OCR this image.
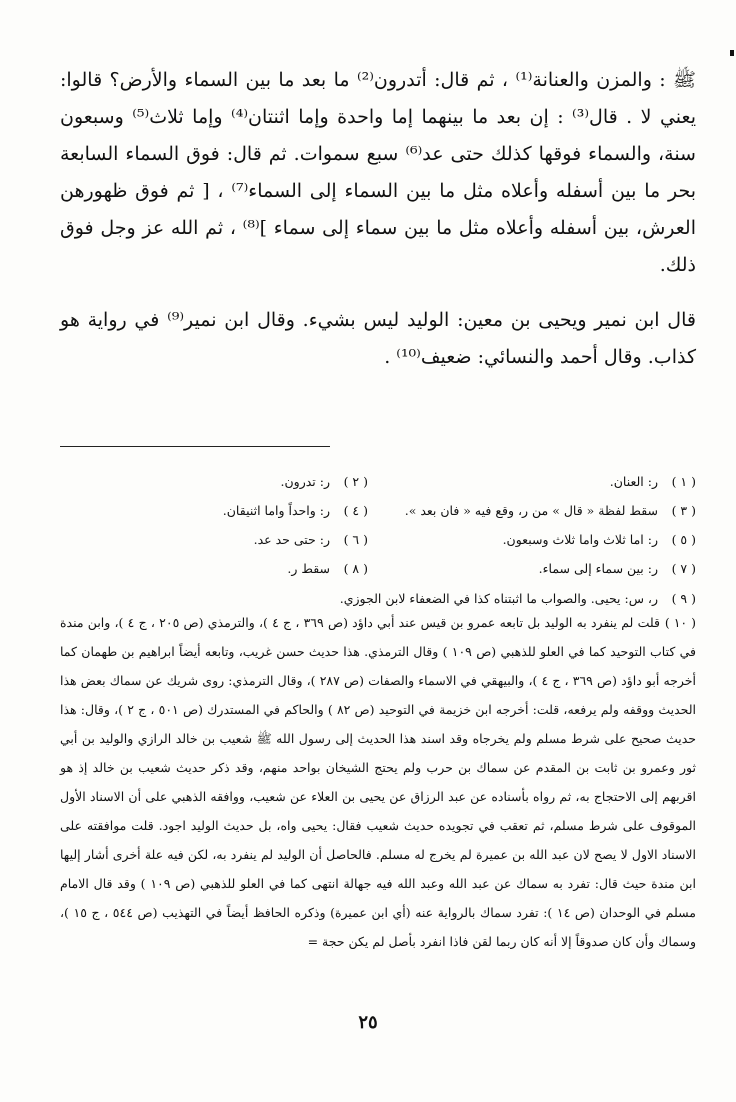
ﷺ : والمزن والعنانة⁽¹⁾ ، ثم قال: أتدرون⁽²⁾ ما بعد ما بين السماء والأرض؟ قالوا: يعني لا . قال⁽³⁾ : إن بعد ما بينهما إما واحدة وإما اثنتان⁽⁴⁾ وإما ثلاث⁽⁵⁾ وسبعون سنة، والسماء فوقها كذلك حتى عد⁽⁶⁾ سبع سموات. ثم قال: فوق السماء السابعة بحر ما بين أسفله وأعلاه مثل ما بين السماء إلى السماء⁽⁷⁾ ، [ ثم فوق ظهورهن العرش، بين أسفله وأعلاه مثل ما بين سماء إلى سماء ]⁽⁸⁾ ، ثم الله عز وجل فوق ذلك.

قال ابن نمير ويحيى بن معين: الوليد ليس بشيء. وقال ابن نمير⁽⁹⁾ في رواية هو كذاب. وقال أحمد والنسائي: ضعيف⁽¹⁰⁾ .

( ١ ) ر: العنان.
( ٢ ) ر: تدرون.
( ٣ ) سقط لفظة « قال » من ر، وقع فيه « فان بعد ».
( ٤ ) ر: واحداً واما اثنيقان.
( ٥ ) ر: اما ثلاث واما ثلاث وسبعون.
( ٦ ) ر: حتى حد عد.
( ٧ ) ر: بين سماء إلى سماء.
( ٨ ) سقط ر.
( ٩ ) ر، س: يحيى. والصواب ما اثبتناه كذا في الضعفاء لابن الجوزي.
( ١٠ )
قلت لم ينفرد به الوليد بل تابعه عمرو بن قيس عند أبي داؤد (ص ٣٦٩ ، ج ٤ )، والترمذي (ص ٢٠٥ ، ج ٤ )، وابن مندة في كتاب التوحيد كما في العلو للذهبي (ص ١٠٩ ) وقال الترمذي. هذا حديث حسن غريب، وتابعه أيضاً ابراهيم بن طهمان كما أخرجه أبو داؤد (ص ٣٦٩ ، ج ٤ )، والبيهقي في الاسماء والصفات (ص ٢٨٧ )، وقال الترمذي: روى شريك عن سماك بعض هذا الحديث ووقفه ولم يرفعه، قلت: أخرجه ابن خزيمة في التوحيد (ص ٨٢ ) والحاكم في المستدرك (ص ٥٠١ ، ج ٢ )، وقال: هذا حديث صحيح على شرط مسلم ولم يخرجاه وقد اسند هذا الحديث إلى رسول الله ﷺ شعيب بن خالد الرازي والوليد بن أبي ثور وعمرو بن ثابت بن المقدم عن سماك بن حرب ولم يحتج الشيخان بواحد منهم، وقد ذكر حديث شعيب بن خالد إذ هو اقربهم إلى الاحتجاج به، ثم رواه بأسناده عن عبد الرزاق عن يحيى بن العلاء عن شعيب، ووافقه الذهبي على أن الاسناد الأول الموقوف على شرط مسلم، ثم تعقب في تجويده حديث شعيب فقال: يحيى واه، بل حديث الوليد اجود. قلت موافقته على الاسناد الاول لا يصح لان عبد الله بن عميرة لم يخرج له مسلم. فالحاصل أن الوليد لم ينفرد به، لكن فيه علة أخرى أشار إليها ابن مندة حيث قال: تفرد به سماك عن عبد الله وعبد الله فيه جهالة انتهى كما في العلو للذهبي (ص ١٠٩ ) وقد قال الامام مسلم في الوحدان (ص ١٤ ): تفرد سماك بالرواية عنه (أي ابن عميرة) وذكره الحافظ أيضاً في التهذيب (ص ٥٤٤ ، ج ١٥ )، وسماك وأن كان صدوقاً إلا أنه كان ربما لقن فاذا انفرد بأصل لم يكن حجة =
٢٥
